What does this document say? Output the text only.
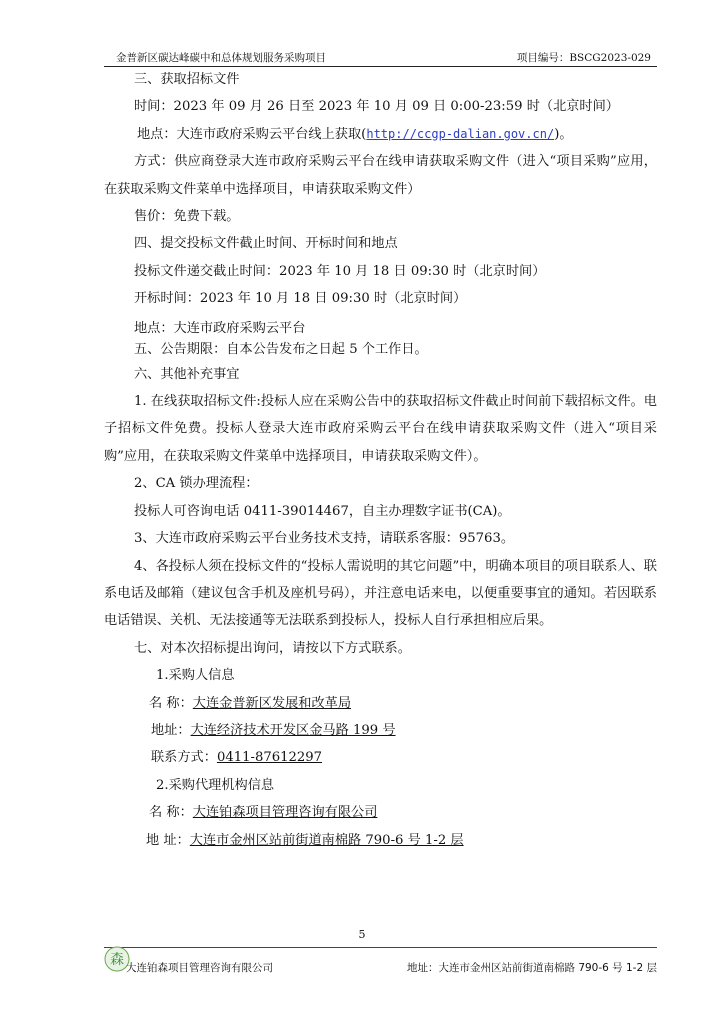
金普新区碳达峰碳中和总体规划服务采购项目	项目编号：BSCG2023-029
三、获取招标文件
时间：2023 年 09 月 26 日至 2023 年 10 月 09 日 0:00-23:59 时（北京时间）
地点：大连市政府采购云平台线上获取(http://ccgp-dalian.gov.cn/)。
方式：供应商登录大连市政府采购云平台在线申请获取采购文件（进入“项目采购”应用，在获取采购文件菜单中选择项目，申请获取采购文件）
售价：免费下载。
四、提交投标文件截止时间、开标时间和地点
投标文件递交截止时间：2023 年 10 月 18 日 09:30 时（北京时间）
开标时间：2023 年 10 月 18 日 09:30 时（北京时间）
地点：大连市政府采购云平台
五、公告期限：自本公告发布之日起 5 个工作日。
六、其他补充事宜
1. 在线获取招标文件:投标人应在采购公告中的获取招标文件截止时间前下载招标文件。电子招标文件免费。投标人登录大连市政府采购云平台在线申请获取采购文件（进入“项目采购”应用，在获取采购文件菜单中选择项目，申请获取采购文件）。
2、CA 锁办理流程：
投标人可咨询电话 0411-39014467，自主办理数字证书(CA)。
3、大连市政府采购云平台业务技术支持，请联系客服：95763。
4、各投标人须在投标文件的“投标人需说明的其它问题”中，明确本项目的项目联系人、联系电话及邮箱（建议包含手机及座机号码），并注意电话来电，以便重要事宜的通知。若因联系电话错误、关机、无法接通等无法联系到投标人，投标人自行承担相应后果。
七、对本次招标提出询问，请按以下方式联系。
1.采购人信息
名 称：大连金普新区发展和改革局
地址：大连经济技术开发区金马路 199 号
联系方式：0411-87612297
2.采购代理机构信息
名 称：大连铂森项目管理咨询有限公司
地 址：大连市金州区站前街道南棉路 790-6 号 1-2 层
5
森 大连铂森项目管理咨询有限公司	地址：大连市金州区站前街道南棉路 790-6 号 1-2 层
